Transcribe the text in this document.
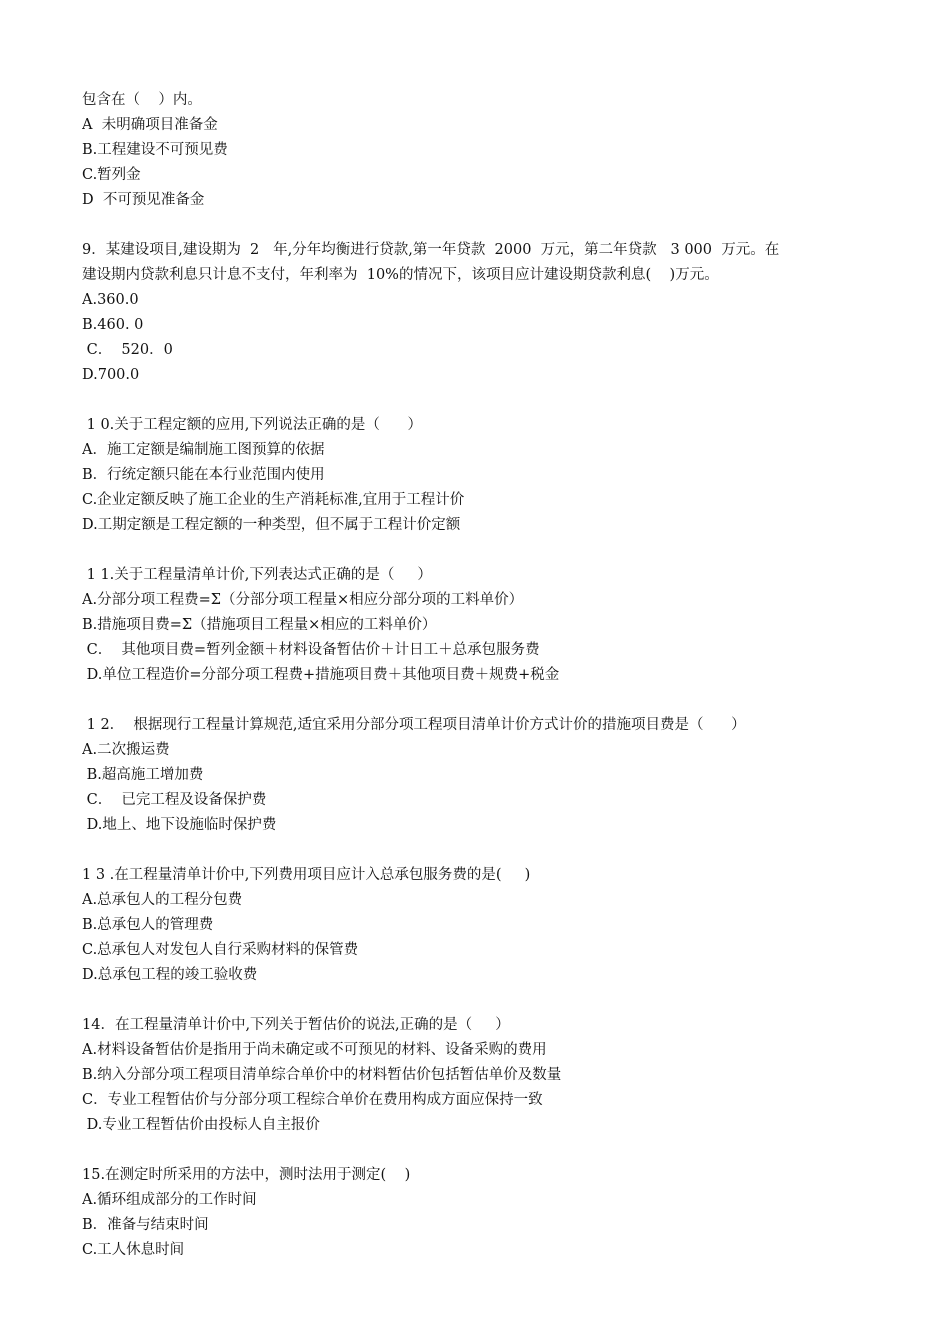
包含在（    ）内。
A  未明确项目准备金
B.工程建设不可预见费
C.暂列金
D  不可预见准备金
9．某建设项目,建设期为  2   年,分年均衡进行贷款,第一年贷款  2000  万元，第二年贷款   3 000  万元。在
建设期内贷款利息只计息不支付，年利率为  10%的情况下，该项目应计建设期贷款利息(    )万元。
A.360.0
B.460. 0
C．  520．0
D.700.0
1 0.关于工程定额的应用,下列说法正确的是（      ）
A．施工定额是编制施工图预算的依据
B．行统定额只能在本行业范围内使用
C.企业定额反映了施工企业的生产消耗标准,宜用于工程计价
D.工期定额是工程定额的一种类型，但不属于工程计价定额
1 1.关于工程量清单计价,下列表达式正确的是（     ）
A.分部分项工程费=Σ（分部分项工程量×相应分部分项的工料单价）
B.措施项目费=Σ（措施项目工程量×相应的工料单价）
C．  其他项目费=暂列金额＋材料设备暂估价＋计日工＋总承包服务费
D.单位工程造价=分部分项工程费+措施项目费＋其他项目费＋规费+税金
1 2．  根据现行工程量计算规范,适宜采用分部分项工程项目清单计价方式计价的措施项目费是（      ）
A.二次搬运费
B.超高施工增加费
C．  已完工程及设备保护费
D.地上、地下设施临时保护费
1 3 .在工程量清单计价中,下列费用项目应计入总承包服务费的是(     )
A.总承包人的工程分包费
B.总承包人的管理费
C.总承包人对发包人自行采购材料的保管费
D.总承包工程的竣工验收费
14．在工程量清单计价中,下列关于暂估价的说法,正确的是（     ）
A.材料设备暂估价是指用于尚未确定或不可预见的材料、设备采购的费用
B.纳入分部分项工程项目清单综合单价中的材料暂估价包括暂估单价及数量
C．专业工程暂估价与分部分项工程综合单价在费用构成方面应保持一致
D.专业工程暂估价由投标人自主报价
15.在测定时所采用的方法中，测时法用于测定(    )
A.循环组成部分的工作时间
B．准备与结束时间
C.工人休息时间
